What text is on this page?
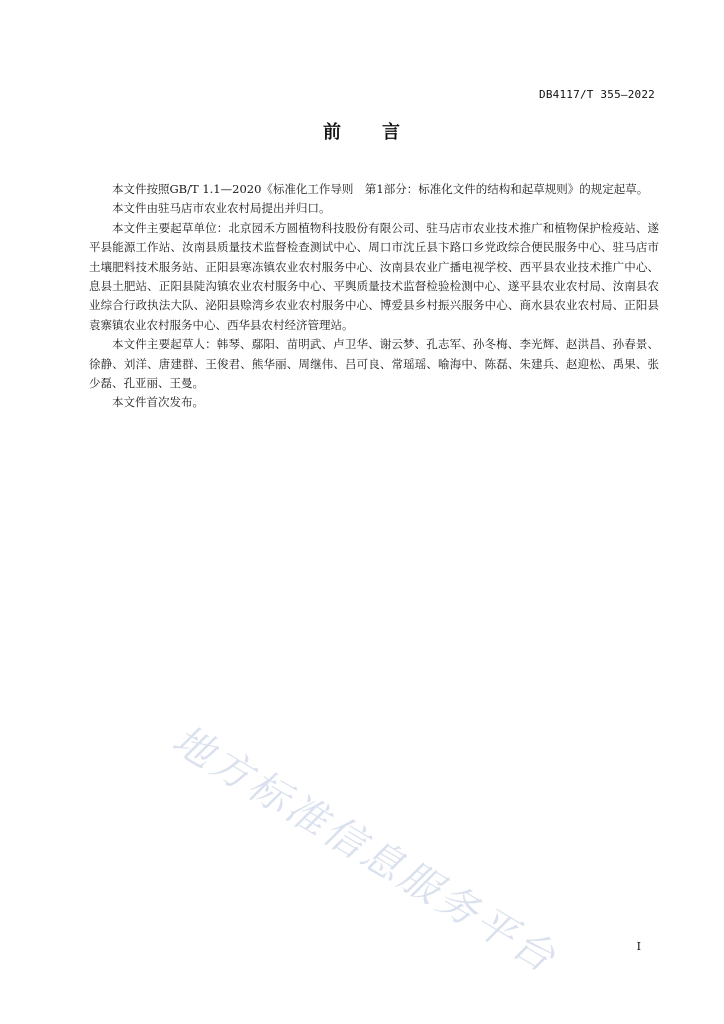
DB4117/T 355—2022
前 言

本文件按照GB/T 1.1—2020《标准化工作导则　第1部分：标准化文件的结构和起草规则》的规定起草。

本文件由驻马店市农业农村局提出并归口。

本文件主要起草单位：北京园禾方圆植物科技股份有限公司、驻马店市农业技术推广和植物保护检疫站、遂平县能源工作站、汝南县质量技术监督检查测试中心、周口市沈丘县卞路口乡党政综合便民服务中心、驻马店市土壤肥料技术服务站、正阳县寒冻镇农业农村服务中心、汝南县农业广播电视学校、西平县农业技术推广中心、息县土肥站、正阳县陡沟镇农业农村服务中心、平舆质量技术监督检验检测中心、遂平县农业农村局、汝南县农业综合行政执法大队、泌阳县赊湾乡农业农村服务中心、博爱县乡村振兴服务中心、商水县农业农村局、正阳县袁寨镇农业农村服务中心、西华县农村经济管理站。

本文件主要起草人：韩琴、鄢阳、苗明武、卢卫华、谢云梦、孔志军、孙冬梅、李光辉、赵洪昌、孙春景、徐静、刘洋、唐建群、王俊君、熊华丽、周继伟、吕可良、常瑶瑶、喻海中、陈磊、朱建兵、赵迎松、禹果、张少磊、孔亚丽、王曼。

本文件首次发布。

地方标准信息服务平台	I
